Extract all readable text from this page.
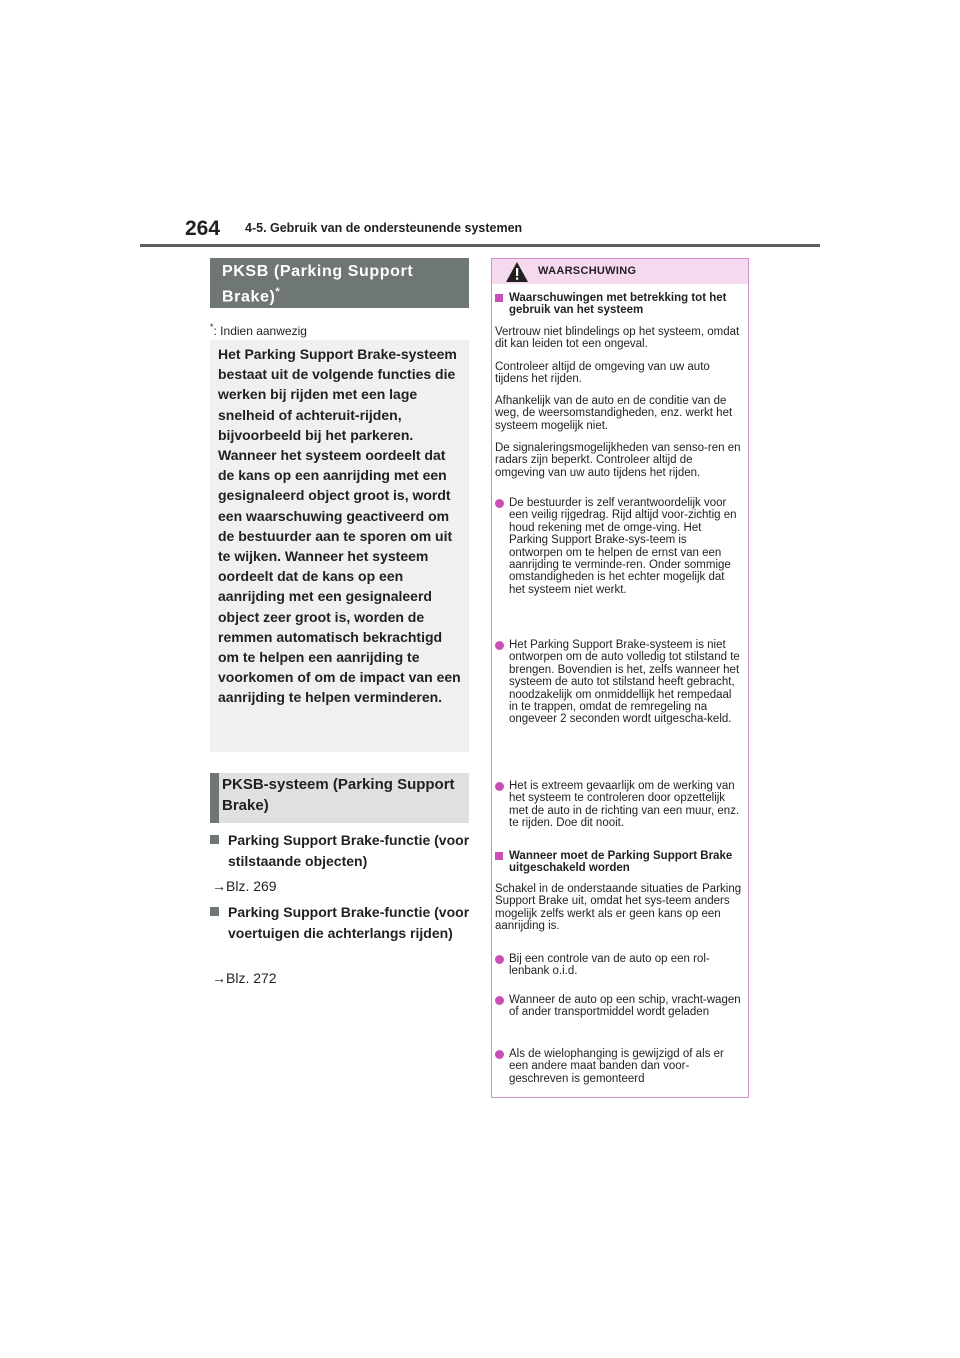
264 4-5. Gebruik van de ondersteunende systemen
PKSB (Parking Support Brake)*
*: Indien aanwezig
Het Parking Support Brake-systeem bestaat uit de volgende functies die werken bij rijden met een lage snelheid of achteruit-rijden, bijvoorbeeld bij het parkeren. Wanneer het systeem oordeelt dat de kans op een aanrijding met een gesignaleerd object groot is, wordt een waarschuwing geactiveerd om de bestuurder aan te sporen om uit te wijken. Wanneer het systeem oordeelt dat de kans op een aanrijding met een gesignaleerd object zeer groot is, worden de remmen automatisch bekrachtigd om te helpen een aanrijding te voorkomen of om de impact van een aanrijding te helpen verminderen.
PKSB-systeem (Parking Support Brake)
Parking Support Brake-functie (voor stilstaande objecten)
→Blz. 269
Parking Support Brake-functie (voor voertuigen die achterlangs rijden)
→Blz. 272
WAARSCHUWING
Waarschuwingen met betrekking tot het gebruik van het systeem
Vertrouw niet blindelings op het systeem, omdat dit kan leiden tot een ongeval.
Controleer altijd de omgeving van uw auto tijdens het rijden.
Afhankelijk van de auto en de conditie van de weg, de weersomstandigheden, enz. werkt het systeem mogelijk niet.
De signaleringsmogelijkheden van senso-ren en radars zijn beperkt. Controleer altijd de omgeving van uw auto tijdens het rijden.
De bestuurder is zelf verantwoordelijk voor een veilig rijgedrag. Rijd altijd voor-zichtig en houd rekening met de omge-ving. Het Parking Support Brake-sys-teem is ontworpen om te helpen de ernst van een aanrijding te verminde-ren. Onder sommige omstandigheden is het echter mogelijk dat het systeem niet werkt.
Het Parking Support Brake-systeem is niet ontworpen om de auto volledig tot stilstand te brengen. Bovendien is het, zelfs wanneer het systeem de auto tot stilstand heeft gebracht, noodzakelijk om onmiddellijk het rempedaal in te trappen, omdat de remregeling na ongeveer 2 seconden wordt uitgescha-keld.
Het is extreem gevaarlijk om de werking van het systeem te controleren door opzettelijk met de auto in de richting van een muur, enz. te rijden. Doe dit nooit.
Wanneer moet de Parking Support Brake uitgeschakeld worden
Schakel in de onderstaande situaties de Parking Support Brake uit, omdat het sys-teem anders mogelijk zelfs werkt als er geen kans op een aanrijding is.
Bij een controle van de auto op een rol-lenbank o.i.d.
Wanneer de auto op een schip, vracht-wagen of ander transportmiddel wordt geladen
Als de wielophanging is gewijzigd of als er een andere maat banden dan voor-geschreven is gemonteerd
